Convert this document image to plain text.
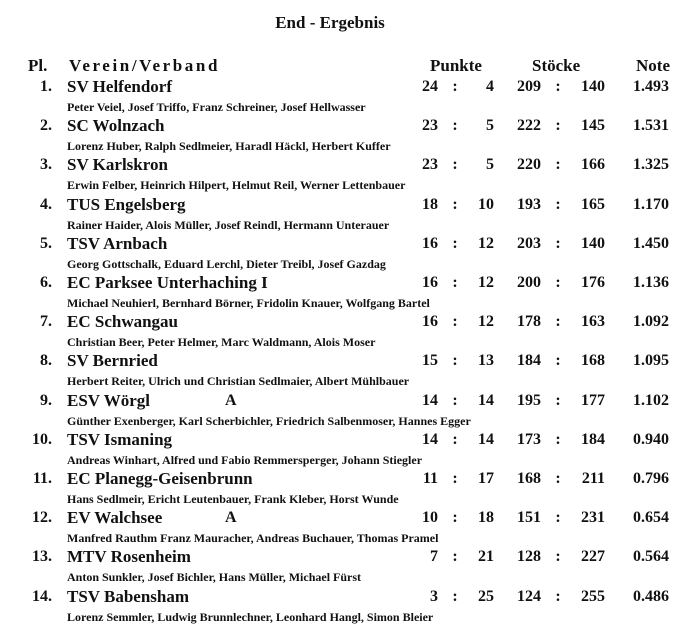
End - Ergebnis
Pl. Verein/Verband	Punkte	Stöcke	Note
1. SV Helfendorf	24 :	4	209 :	140 1.493
Peter Veiel, Josef Triffo, Franz Schreiner, Josef Hellwasser
2. SC Wolnzach	23 :	5	222 :	145 1.531
Lorenz Huber, Ralph Sedlmeier, Haradl Häckl, Herbert Kuffer
3. SV Karlskron	23 :	5	220 :	166 1.325
Erwin Felber, Heinrich Hilpert, Helmut Reil, Werner Lettenbauer
4. TUS Engelsberg	18 :	10	193 :	165 1.170
Rainer Haider, Alois Müller, Josef Reindl, Hermann Unterauer
5. TSV Arnbach	16 :	12	203 :	140 1.450
Georg Gottschalk, Eduard Lerchl, Dieter Treibl, Josef Gazdag
6. EC Parksee Unterhaching I	16 :	12	200 :	176 1.136
Michael Neuhierl, Bernhard Börner, Fridolin Knauer, Wolfgang Bartel
7. EC Schwangau	16 :	12	178 :	163 1.092
Christian Beer, Peter Helmer, Marc Waldmann, Alois Moser
8. SV Bernried	15 :	13	184 :	168 1.095
Herbert Reiter, Ulrich und Christian Sedlmaier, Albert Mühlbauer
9. ESV Wörgl	A	14 :	14	195 :	177 1.102
Günther Exenberger, Karl Scherbichler, Friedrich Salbenmoser, Hannes Egger
10. TSV Ismaning	14 :	14	173 :	184 0.940
Andreas Winhart, Alfred und Fabio Remmersperger, Johann Stiegler
11. EC Planegg-Geisenbrunn	11 :	17	168 :	211 0.796
Hans Sedlmeir, Ericht Leutenbauer, Frank Kleber, Horst Wunde
12. EV Walchsee	A	10 :	18	151 :	231 0.654
Manfred Rauthm Franz Mauracher, Andreas Buchauer, Thomas Pramel
13. MTV Rosenheim	7 :	21	128 :	227 0.564
Anton Sunkler, Josef Bichler, Hans Müller, Michael Fürst
14. TSV Babensham	3 :	25	124 :	255 0.486
Lorenz Semmler, Ludwig Brunnlechner, Leonhard Hangl, Simon Bleier
